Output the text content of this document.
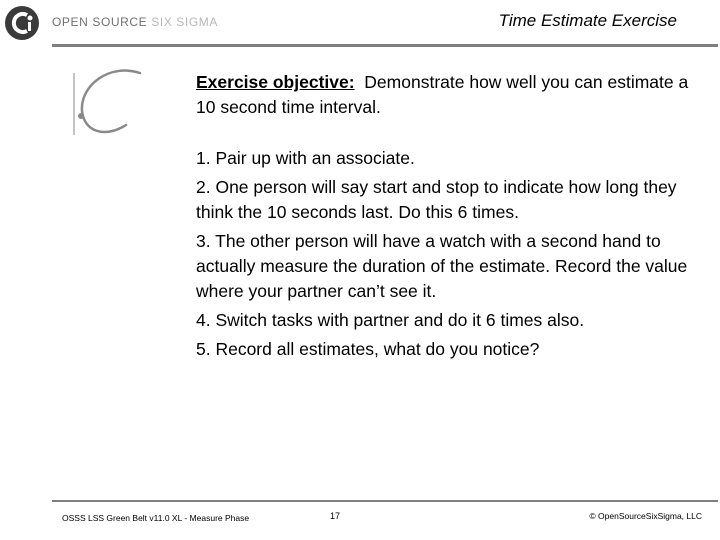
OPEN SOURCE SIX SIGMA	Time Estimate Exercise

Exercise objective: Demonstrate how well you can estimate a 10 second time interval.

1. Pair up with an associate.
2. One person will say start and stop to indicate how long they think the 10 seconds last. Do this 6 times.
3. The other person will have a watch with a second hand to actually measure the duration of the estimate. Record the value where your partner can’t see it.
4. Switch tasks with partner and do it 6 times also.
5. Record all estimates, what do you notice?
OSSS LSS Green Belt v11.0 XL - Measure Phase	17	© OpenSourceSixSigma, LLC
